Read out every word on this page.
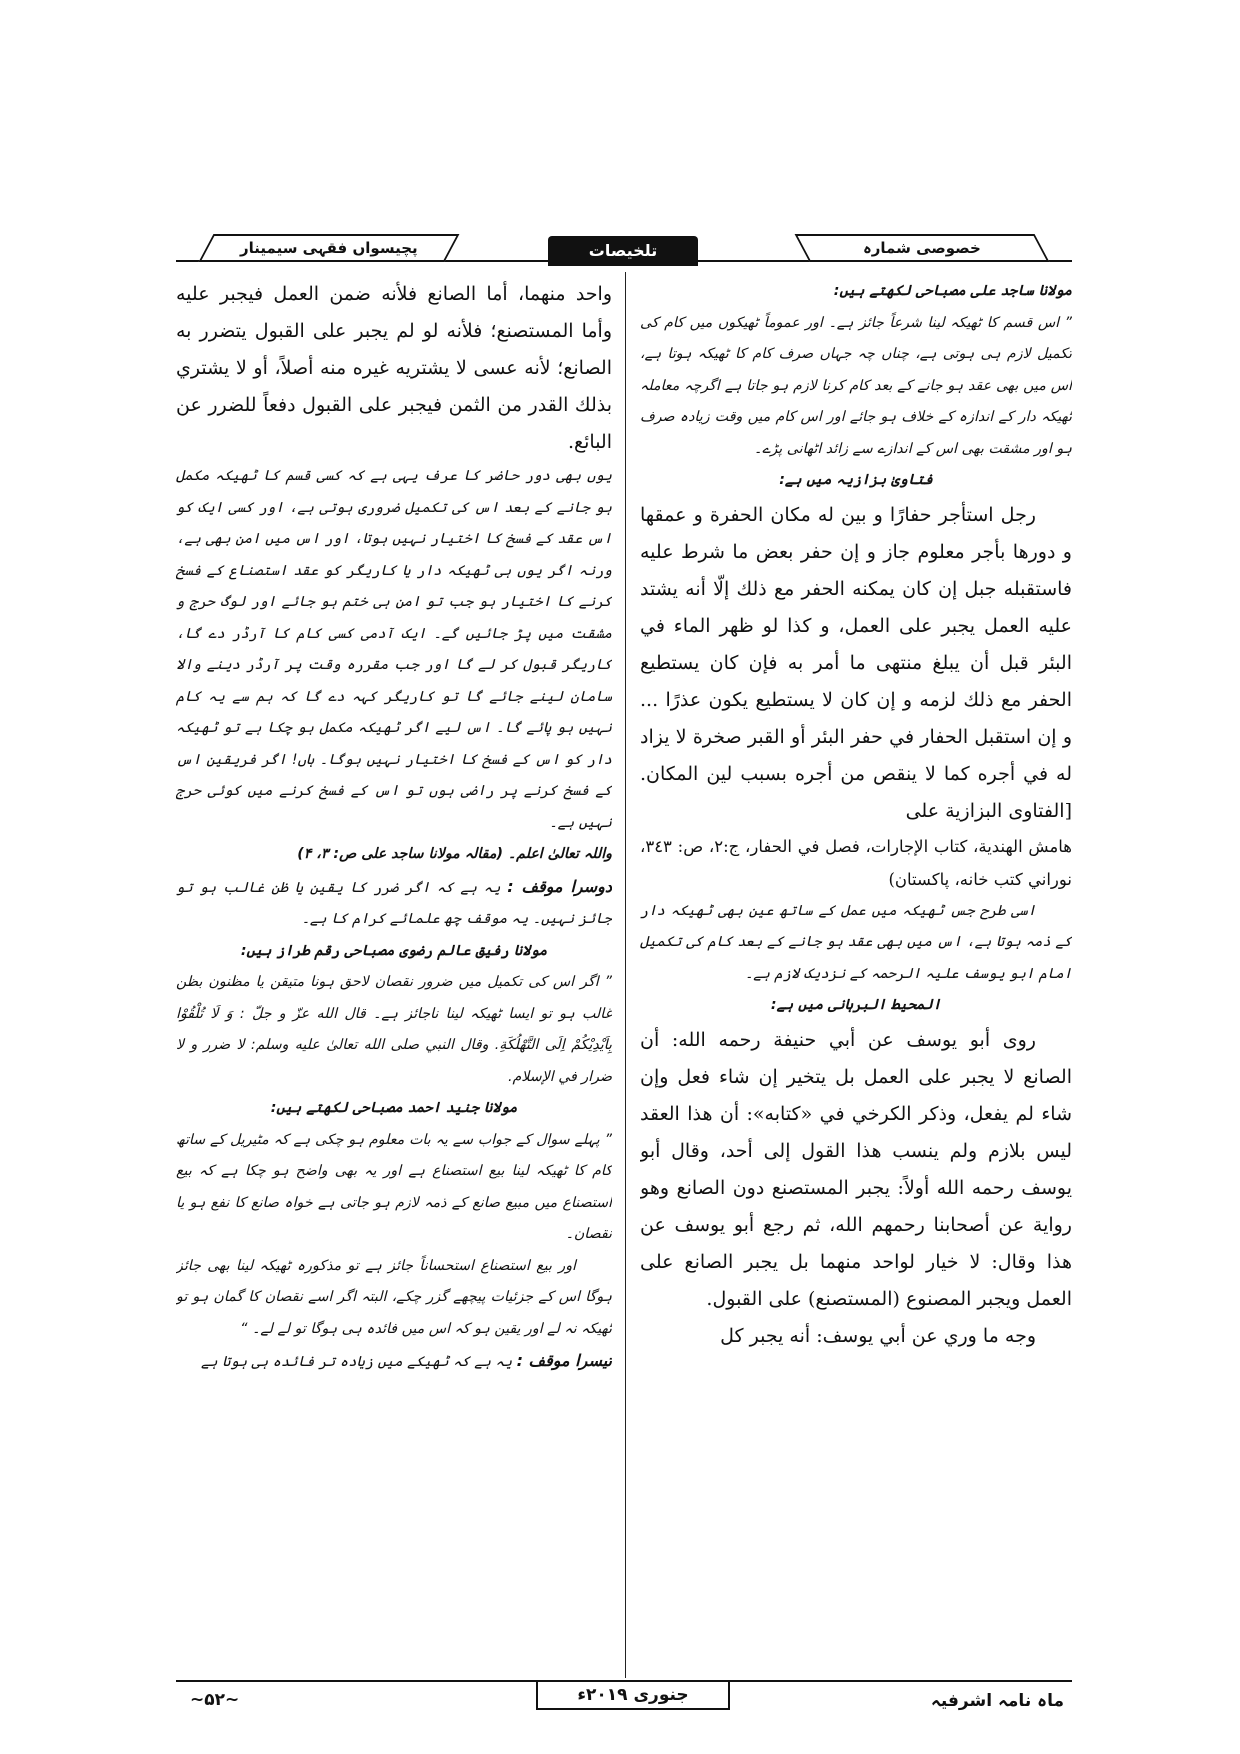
پچیسواں فقہی سیمینار	تلخیصات	خصوصی شمارہ

مولانا ساجد علی مصباحی لکھتے ہیں:

” اس قسم کا ٹھیکہ لینا شرعاً جائز ہے۔ اور عموماً ٹھیکوں میں کام کی تکمیل لازم ہی ہوتی ہے، چناں چہ جہاں صرف کام کا ٹھیکہ ہوتا ہے، اس میں بھی عقد ہو جانے کے بعد کام کرنا لازم ہو جاتا ہے اگرچہ معاملہ ٹھیکہ دار کے اندازہ کے خلاف ہو جائے اور اس کام میں وقت زیادہ صرف ہو اور مشقت بھی اس کے اندازے سے زائد اٹھانی پڑے۔

فتاویٰ بزازیہ میں ہے:

رجل استأجر حفارًا و بين له مكان الحفرة و عمقها و دورها بأجر معلوم جاز و إن حفر بعض ما شرط عليه فاستقبله جبل إن كان يمكنه الحفر مع ذلك إلّا أنه يشتد عليه العمل يجبر على العمل، و كذا لو ظهر الماء في البئر قبل أن يبلغ منتهى ما أمر به فإن كان يستطيع الحفر مع ذلك لزمه و إن كان لا يستطيع يكون عذرًا ... و إن استقبل الحفار في حفر البئر أو القبر صخرة لا يزاد له في أجره كما لا ينقص من أجره بسبب لين المكان. [الفتاوى البزازية على

هامش الهندية، كتاب الإجارات، فصل في الحفار، ج:٢، ص: ٣٤٣، نوراني كتب خانه، پاكستان)

اسی طرح جس ٹھیکہ میں عمل کے ساتھ عین بھی ٹھیکہ دار کے ذمہ ہوتا ہے، اس میں بھی عقد ہو جانے کے بعد کام کی تکمیل امام ابو یوسف علیہ الرحمہ کے نزدیک لازم ہے۔

المحیط البرہانی میں ہے:

روى أبو يوسف عن أبي حنيفة رحمه الله: أن الصانع لا يجبر على العمل بل يتخير إن شاء فعل وإن شاء لم يفعل، وذكر الكرخي في «كتابه»: أن هذا العقد ليس بلازم ولم ينسب هذا القول إلى أحد، وقال أبو يوسف رحمه الله أولاً: يجبر المستصنع دون الصانع وهو رواية عن أصحابنا رحمهم الله، ثم رجع أبو يوسف عن هذا وقال: لا خيار لواحد منهما بل يجبر الصانع على العمل ويجبر المصنوع (المستصنع) على القبول.

وجه ما وري عن أبي يوسف: أنه يجبر كل

واحد منهما، أما الصانع فلأنه ضمن العمل فيجبر عليه وأما المستصنع؛ فلأنه لو لم يجبر على القبول يتضرر به الصانع؛ لأنه عسى لا يشتريه غيره منه أصلاً، أو لا يشتري بذلك القدر من الثمن فيجبر على القبول دفعاً للضرر عن البائع.

یوں بھی دور حاضر کا عرف یہی ہے کہ کسی قسم کا ٹھیکہ مکمل ہو جانے کے بعد اس کی تکمیل ضروری ہوتی ہے، اور کسی ایک کو اس عقد کے فسخ کا اختیار نہیں ہوتا، اور اس میں امن بھی ہے، ورنہ اگر یوں ہی ٹھیکہ دار یا کاریگر کو عقد استصناع کے فسخ کرنے کا اختیار ہو جب تو امن ہی ختم ہو جائے اور لوگ حرج و مشقت میں پڑ جائیں گے۔ ایک آدمی کسی کام کا آرڈر دے گا، کاریگر قبول کر لے گا اور جب مقررہ وقت پر آرڈر دینے والا سامان لینے جائے گا تو کاریگر کہہ دے گا کہ ہم سے یہ کام نہیں ہو پائے گا۔ اس لیے اگر ٹھیکہ مکمل ہو چکا ہے تو ٹھیکہ دار کو اس کے فسخ کا اختیار نہیں ہوگا۔ ہاں! اگر فریقین اس کے فسخ کرنے پر راضی ہوں تو اس کے فسخ کرنے میں کوئی حرج نہیں ہے۔

واللہ تعالیٰ اعلم۔ (مقالہ مولانا ساجد علی ص: ۳، ۴)

دوسرا موقف : یہ ہے کہ اگر ضرر کا یقین یا ظن غالب ہو تو جائز نہیں۔ یہ موقف چھ علمائے کرام کا ہے۔

مولانا رفیق عالم رضوی مصباحی رقم طراز ہیں:

” اگر اس کی تکمیل میں ضرور نقصان لاحق ہونا متیقن یا مظنون بظن غالب ہو تو ایسا ٹھیکہ لینا ناجائز ہے۔ قال الله عزّ و جلّ : وَ لَا تُلْقُوْا بِاَیْدِیْكُمْ اِلَى التَّهْلُكَةِ. وقال النبي صلى الله تعالىٰ عليه وسلم: لا ضرر و لا ضرار في الإسلام.

مولانا جنید احمد مصباحی لکھتے ہیں:

” پہلے سوال کے جواب سے یہ بات معلوم ہو چکی ہے کہ مٹیریل کے ساتھ کام کا ٹھیکہ لینا بیع استصناع ہے اور یہ بھی واضح ہو چکا ہے کہ بیع استصناع میں مبیع صانع کے ذمہ لازم ہو جاتی ہے خواہ صانع کا نفع ہو یا نقصان۔

اور بیع استصناع استحساناً جائز ہے تو مذکورہ ٹھیکہ لینا بھی جائز ہوگا اس کے جزئیات پیچھے گزر چکے، البتہ اگر اسے نقصان کا گمان ہو تو ٹھیکہ نہ لے اور یقین ہو کہ اس میں فائدہ ہی ہوگا تو لے لے۔ “

تیسرا موقف : یہ ہے کہ ٹھیکے میں زیادہ تر فائدہ ہی ہوتا ہے

ماہ نامہ اشرفیہ
جنوری ۲۰۱۹ء
~۵۲~
